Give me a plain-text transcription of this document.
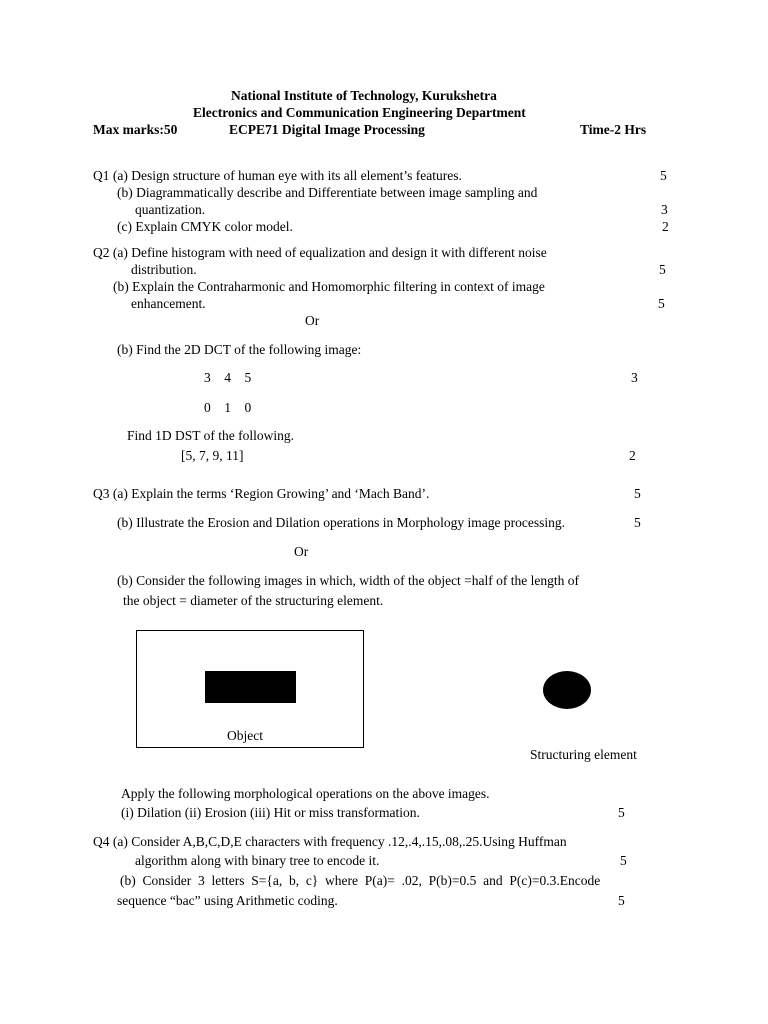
National Institute of Technology, Kurukshetra
Electronics and Communication Engineering Department
Max marks:50	ECPE71 Digital Image Processing	Time-2 Hrs
Q1 (a) Design structure of human eye with its all element’s features.	5
(b) Diagrammatically describe and Differentiate between image sampling and
quantization.	3
(c) Explain CMYK color model.	2
Q2 (a) Define histogram with need of equalization and design it with different noise
distribution.	5
(b) Explain the Contraharmonic and Homomorphic filtering in context of image
enhancement.	5
Or
(b) Find the 2D DCT of the following image:
3    4    5	3
0    1    0
Find 1D DST of the following.
[5, 7, 9, 11]	2
Q3 (a) Explain the terms ‘Region Growing’ and ‘Mach Band’.	5
(b) Illustrate the Erosion and Dilation operations in Morphology image processing.	5
Or
(b) Consider the following images in which, width of the object =half of the length of
the object = diameter of the structuring element.
Object
Structuring element
Apply the following morphological operations on the above images.
(i) Dilation (ii) Erosion (iii) Hit or miss transformation.	5
Q4 (a) Consider A,B,C,D,E characters with frequency .12,.4,.15,.08,.25.Using Huffman
algorithm along with binary tree to encode it.	5
(b)  Consider  3  letters  S={a,  b,  c}  where  P(a)=  .02,  P(b)=0.5  and  P(c)=0.3.Encode
sequence “bac” using Arithmetic coding.	5
